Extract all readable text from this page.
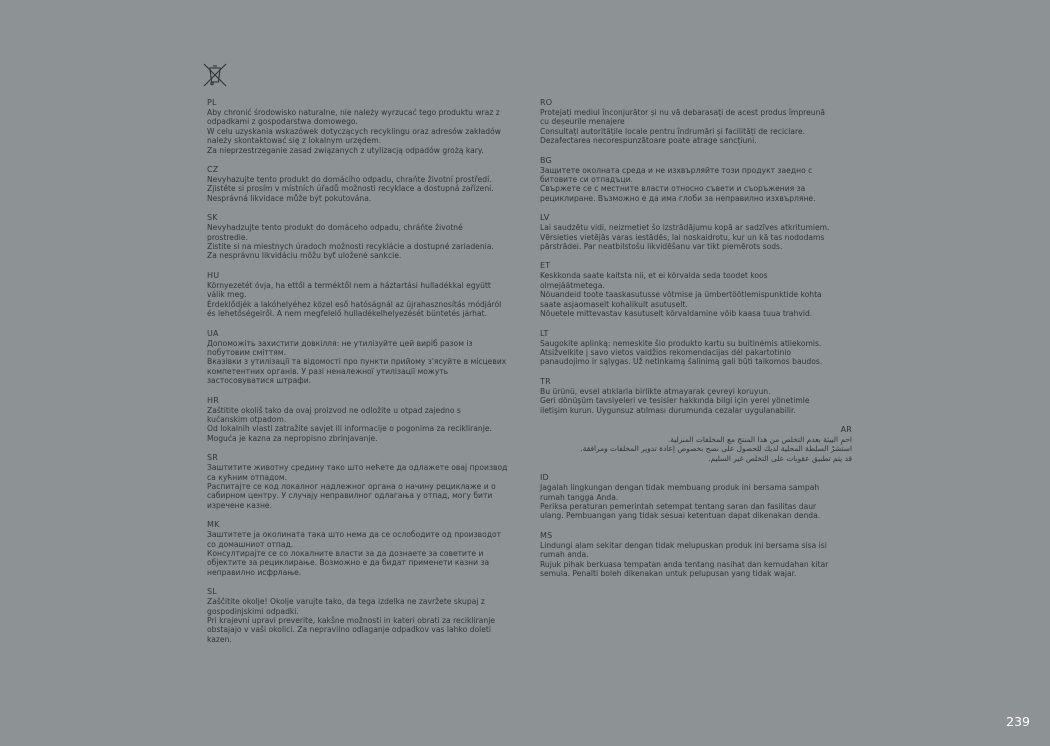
PL
Aby chronić środowisko naturalne, nie należy wyrzucać tego produktu wraz z
odpadkami z gospodarstwa domowego.
W celu uzyskania wskazówek dotyczących recyklingu oraz adresów zakładów
należy skontaktować się z lokalnym urzędem.
Za nieprzestrzeganie zasad związanych z utylizacją odpadów grożą kary.
CZ
Nevyhazujte tento produkt do domácího odpadu, chraňte životní prostředí.
Zjistěte si prosím v místních úřadů možnosti recyklace a dostupná zařízení.
Nesprávná likvidace může být pokutována.
SK
Nevyhadzujte tento produkt do domáceho odpadu, chráňte životné
prostredie.
Zistite si na miestnych úradoch možnosti recyklácie a dostupné zariadenia.
Za nesprávnu likvidáciu môžu byť uložené sankcie.
HU
Környezetét óvja, ha ettől a terméktől nem a háztartási hulladékkal együtt
válik meg.
Érdeklődjék a lakóhelyéhez közel eső hatóságnál az újrahasznosítás módjáról
és lehetőségeiről. A nem megfelelő hulladékelhelyezését büntetés járhat.
UA
Допоможіть захистити довкілля: не утилізуйте цей виріб разом із
побутовим сміттям.
Вказівки з утилізації та відомості про пункти прийому з'ясуйте в місцевих
компетентних органів. У разі неналежної утилізації можуть
застосовуватися штрафи.
HR
Zaštitite okoliš tako da ovaj proizvod ne odložite u otpad zajedno s
kućanskim otpadom.
Od lokalnih vlasti zatražite savjet ili informacije o pogonima za recikliranje.
Moguća je kazna za nepropisno zbrinjavanje.
SR
Заштитите животну средину тако што нећете да одлажете овај производ
са кућним отпадом.
Распитајте се код локалног надлежног органа о начину рециклаже и о
сабирном центру. У случају неправилног одлагања у отпад, могу бити
изречене казне.
MK
Заштитете ја околината така што нема да се ослободите од производот
со домашниот отпад.
Консултирајте се со локалните власти за да дознаете за советите и
објектите за рециклирање. Возможно е да бидат применети казни за
неправилно исфрлање.
SL
Zaščitite okolje! Okolje varujte tako, da tega izdelka ne zavržete skupaj z
gospodinjskimi odpadki.
Pri krajevni upravi preverite, kakšne možnosti in kateri obrati za recikliranje
obstajajo v vaši okolici. Za nepravilno odlaganje odpadkov vas lahko doleti
kazen.
RO
Protejați mediul înconjurător și nu vă debarasați de acest produs împreună
cu deșeurile menajere
Consultați autoritățile locale pentru îndrumări și facilități de reciclare.
Dezafectarea necorespunzătoare poate atrage sancțiuni.
BG
Защитете околната среда и не изхвърляйте този продукт заедно с
битовите си отпадъци.
Свържете се с местните власти относно съвети и съоръжения за
рециклиране. Възможно е да има глоби за неправилно изхвърляне.
LV
Lai saudzētu vidi, neizmetiet šo izstrādājumu kopā ar sadzīves atkritumiem.
Vērsieties vietējās varas iestādēs, lai noskaidrotu, kur un kā tas nododams
pārstrādei. Par neatbilstošu likvidēšanu var tikt piemērots sods.
ET
Keskkonda saate kaitsta nii, et ei kõrvalda seda toodet koos
olmejäätmetega.
Nõuandeid toote taaskasutusse võtmise ja ümbertöötlemispunktide kohta
saate asjaomaselt kohalikult asutuselt.
Nõuetele mittevastav kasutuselt kõrvaldamine võib kaasa tuua trahvid.
LT
Saugokite aplinką: nemeskite šio produkto kartu su buitinėmis atliekomis.
Atsižvelkite į savo vietos valdžios rekomendacijas dėl pakartotinio
panaudojimo ir sąlygas. Už netinkamą šalinimą gali būti taikomos baudos.
TR
Bu ürünü, evsel atıklarla birlikte atmayarak çevreyi koruyun.
Geri dönüşüm tavsiyeleri ve tesisler hakkında bilgi için yerel yönetimle
iletişim kurun. Uygunsuz atılması durumunda cezalar uygulanabilir.
AR
احمِ البيئة بعدم التخلص من هذا المنتج مع المخلفات المنزلية.
استشرْ السلطة المحلية لديك للحصول على نصح بخصوص إعادة تدوير المخلفات ومرافقة.
قد يتم تطبيق عقوبات على التخلص غير السليم.
ID
Jagalah lingkungan dengan tidak membuang produk ini bersama sampah
rumah tangga Anda.
Periksa peraturan pemerintah setempat tentang saran dan fasilitas daur
ulang. Pembuangan yang tidak sesuai ketentuan dapat dikenakan denda.
MS
Lindungi alam sekitar dengan tidak melupuskan produk ini bersama sisa isi
rumah anda.
Rujuk pihak berkuasa tempatan anda tentang nasihat dan kemudahan kitar
semula. Penalti boleh dikenakan untuk pelupusan yang tidak wajar.
239
